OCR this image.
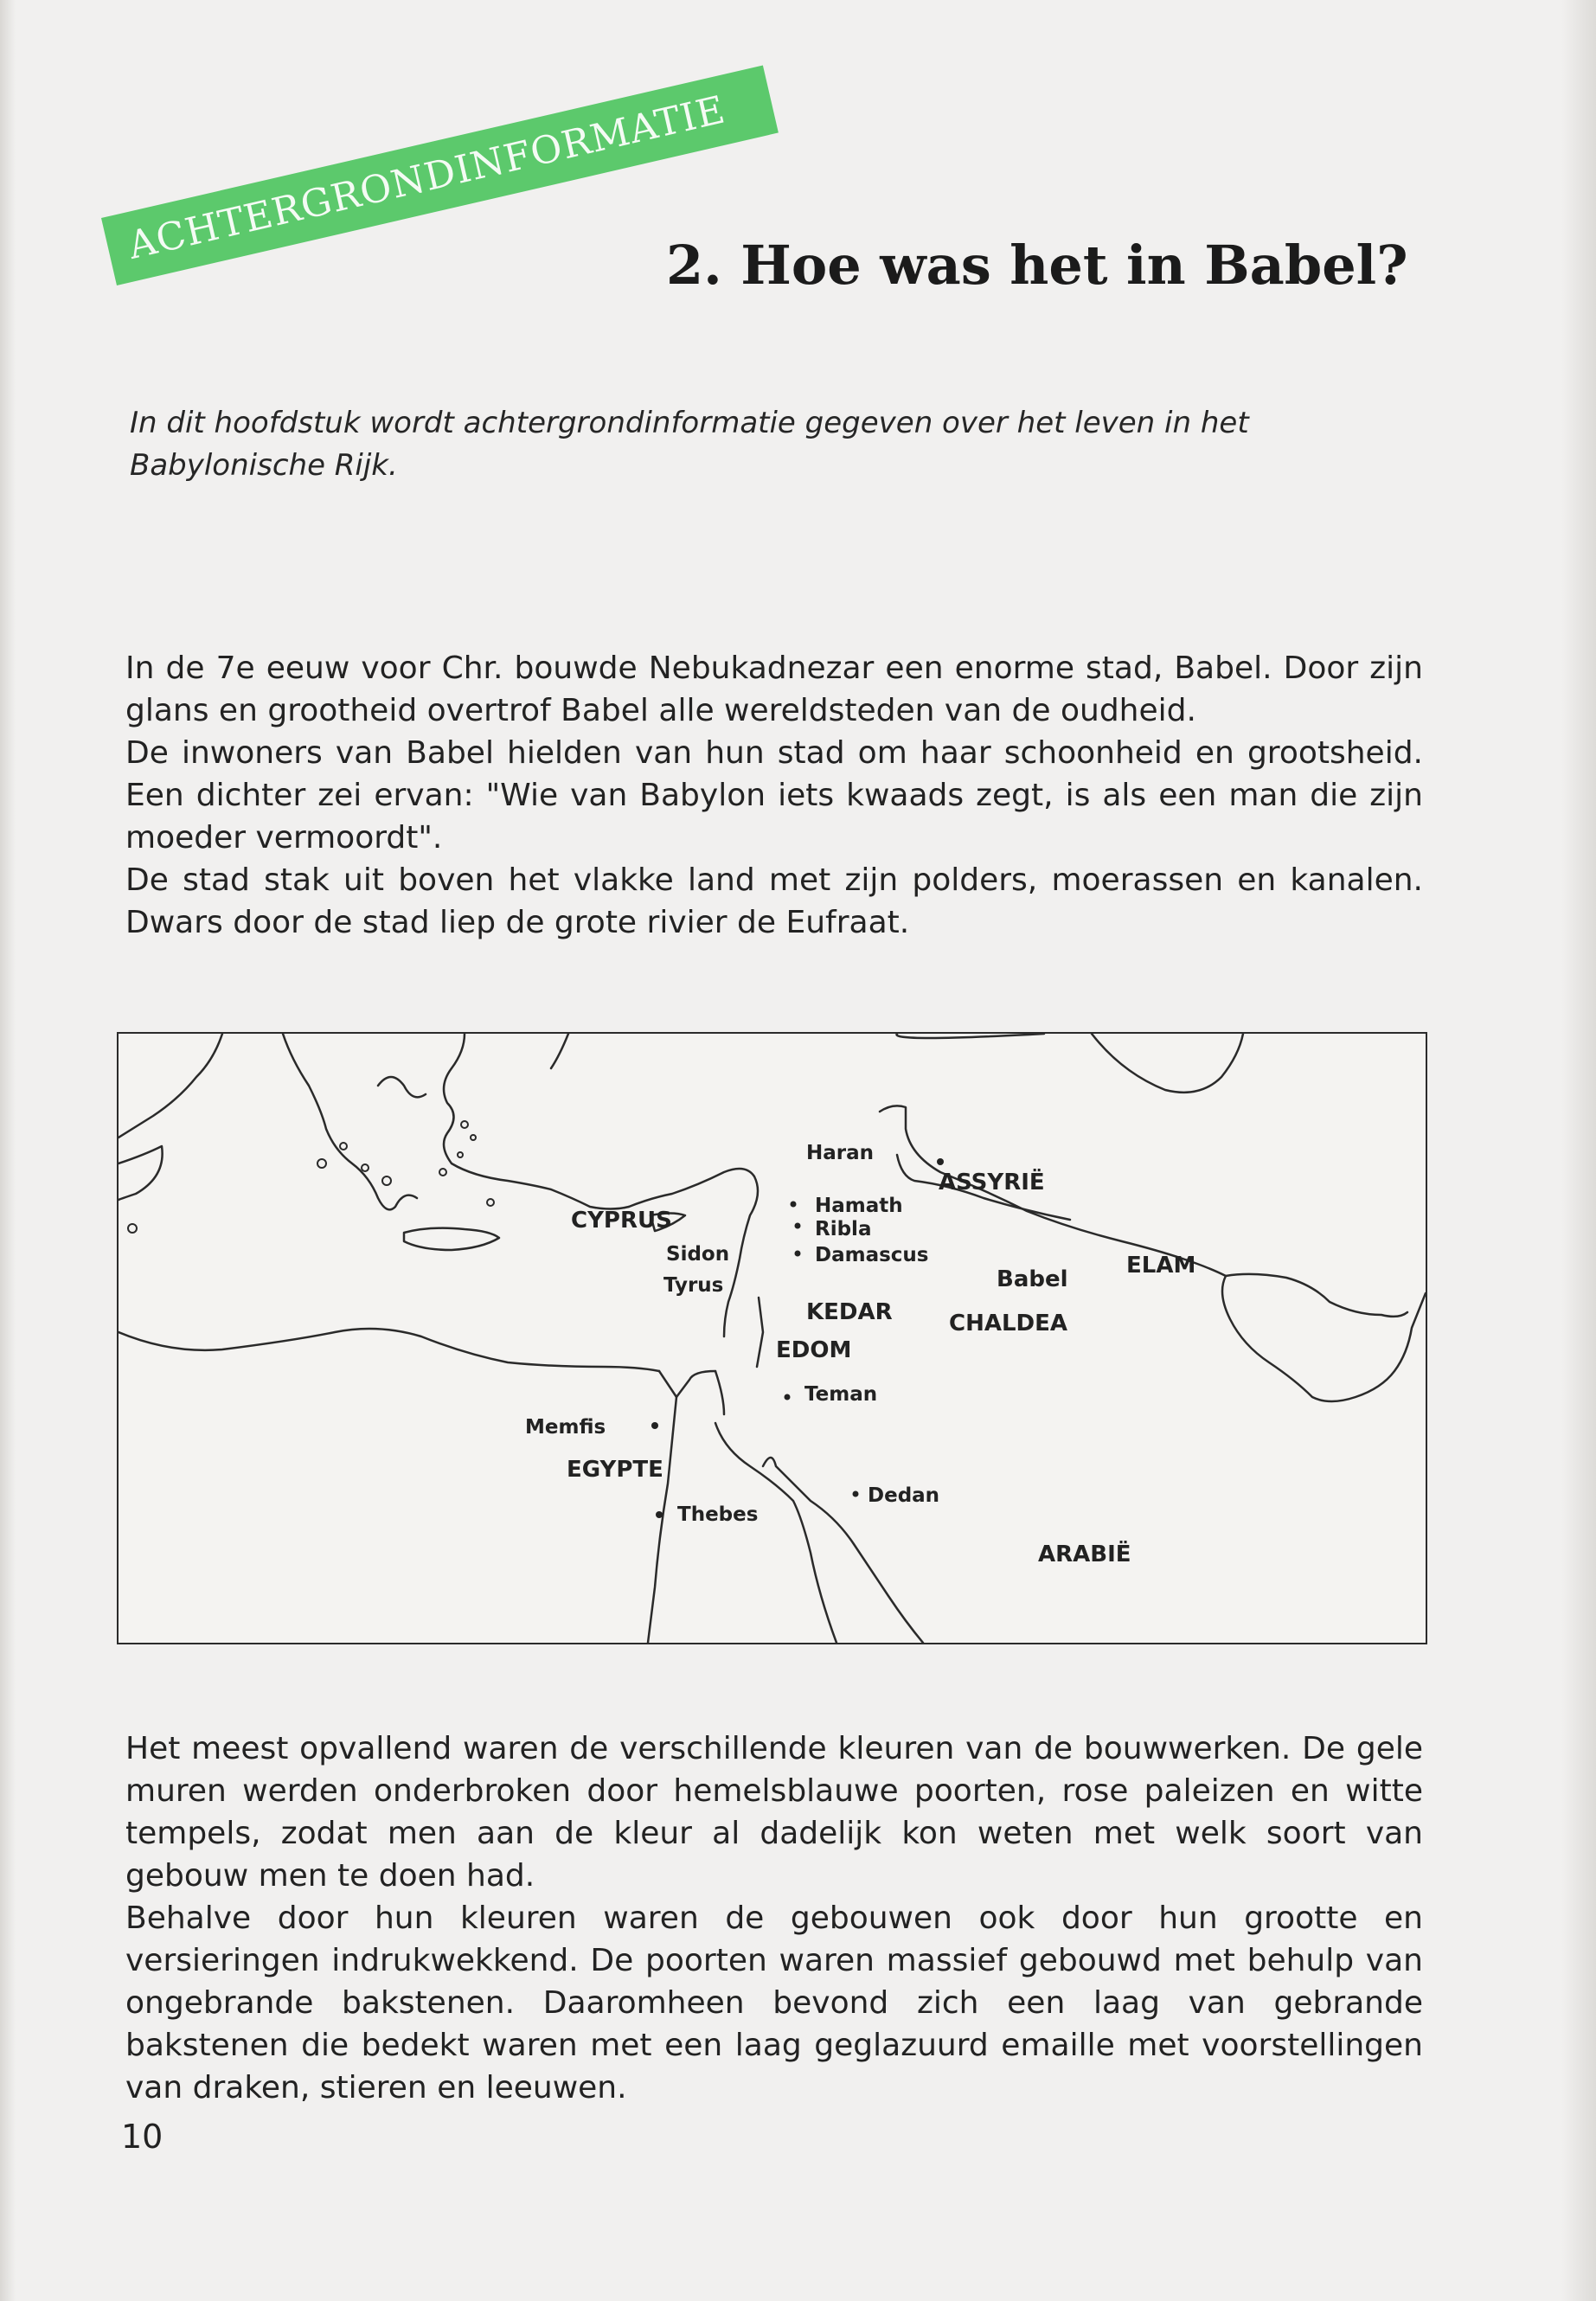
ACHTERGRONDINFORMATIE
2. Hoe was het in Babel?

In dit hoofdstuk wordt achtergrondinformatie gegeven over het leven in het Babylonische Rijk.

In de 7e eeuw voor Chr. bouwde Nebukadnezar een enorme stad, Babel. Door zijn glans en grootheid overtrof Babel alle wereldsteden van de oudheid.

De inwoners van Babel hielden van hun stad om haar schoonheid en grootsheid. Een dichter zei ervan: "Wie van Babylon iets kwaads zegt, is als een man die zijn moeder vermoordt".

De stad stak uit boven het vlakke land met zijn polders, moerassen en kanalen. Dwars door de stad liep de grote rivier de Eufraat.

Haran
ASSYRIË
CYPRUS
Hamath
Ribla
Sidon	Damascus
Tyrus	Babel
ELAM
KEDAR	CHALDEA
EDOM
Teman
Memfis
EGYPTE
Dedan
Thebes
ARABIË

Het meest opvallend waren de verschillende kleuren van de bouwwerken. De gele muren werden onderbroken door hemelsblauwe poorten, rose paleizen en witte tempels, zodat men aan de kleur al dadelijk kon weten met welk soort van gebouw men te doen had.

Behalve door hun kleuren waren de gebouwen ook door hun grootte en versieringen indrukwekkend. De poorten waren massief gebouwd met behulp van ongebrande bakstenen. Daaromheen bevond zich een laag van gebrande bakstenen die bedekt waren met een laag geglazuurd emaille met voorstellingen van draken, stieren en leeuwen.

10
